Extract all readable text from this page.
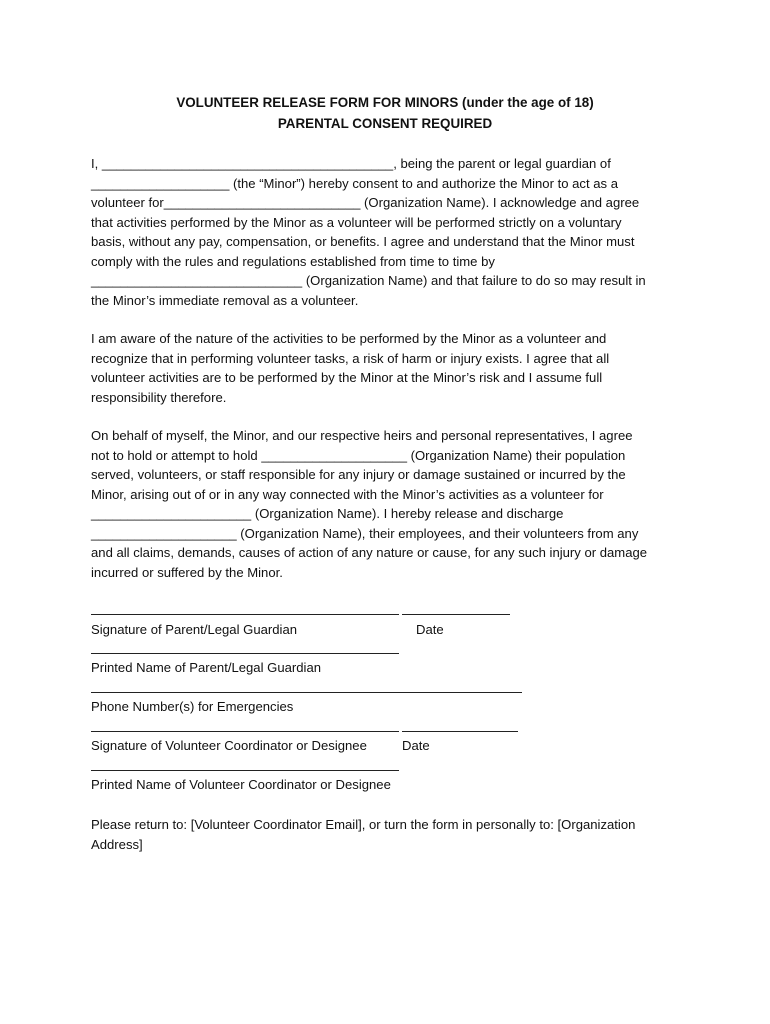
VOLUNTEER RELEASE FORM FOR MINORS (under the age of 18)
PARENTAL CONSENT REQUIRED
I, ________________________________________, being the parent or legal guardian of
___________________ (the “Minor”) hereby consent to and authorize the Minor to act as a
volunteer for___________________________ (Organization Name). I acknowledge and agree
that activities performed by the Minor as a volunteer will be performed strictly on a voluntary
basis, without any pay, compensation, or benefits. I agree and understand that the Minor must
comply with the rules and regulations established from time to time by
_____________________________ (Organization Name) and that failure to do so may result in
the Minor’s immediate removal as a volunteer.
I am aware of the nature of the activities to be performed by the Minor as a volunteer and
recognize that in performing volunteer tasks, a risk of harm or injury exists. I agree that all
volunteer activities are to be performed by the Minor at the Minor’s risk and I assume full
responsibility therefore.
On behalf of myself, the Minor, and our respective heirs and personal representatives, I agree
not to hold or attempt to hold ____________________ (Organization Name) their population
served, volunteers, or staff responsible for any injury or damage sustained or incurred by the
Minor, arising out of or in any way connected with the Minor’s activities as a volunteer for
______________________ (Organization Name). I hereby release and discharge
____________________ (Organization Name), their employees, and their volunteers from any
and all claims, demands, causes of action of any nature or cause, for any such injury or damage
incurred or suffered by the Minor.
Signature of Parent/Legal Guardian	Date
Printed Name of Parent/Legal Guardian
Phone Number(s) for Emergencies
Signature of Volunteer Coordinator or Designee	Date
Printed Name of Volunteer Coordinator or Designee
Please return to: [Volunteer Coordinator Email], or turn the form in personally to: [Organization
Address]
